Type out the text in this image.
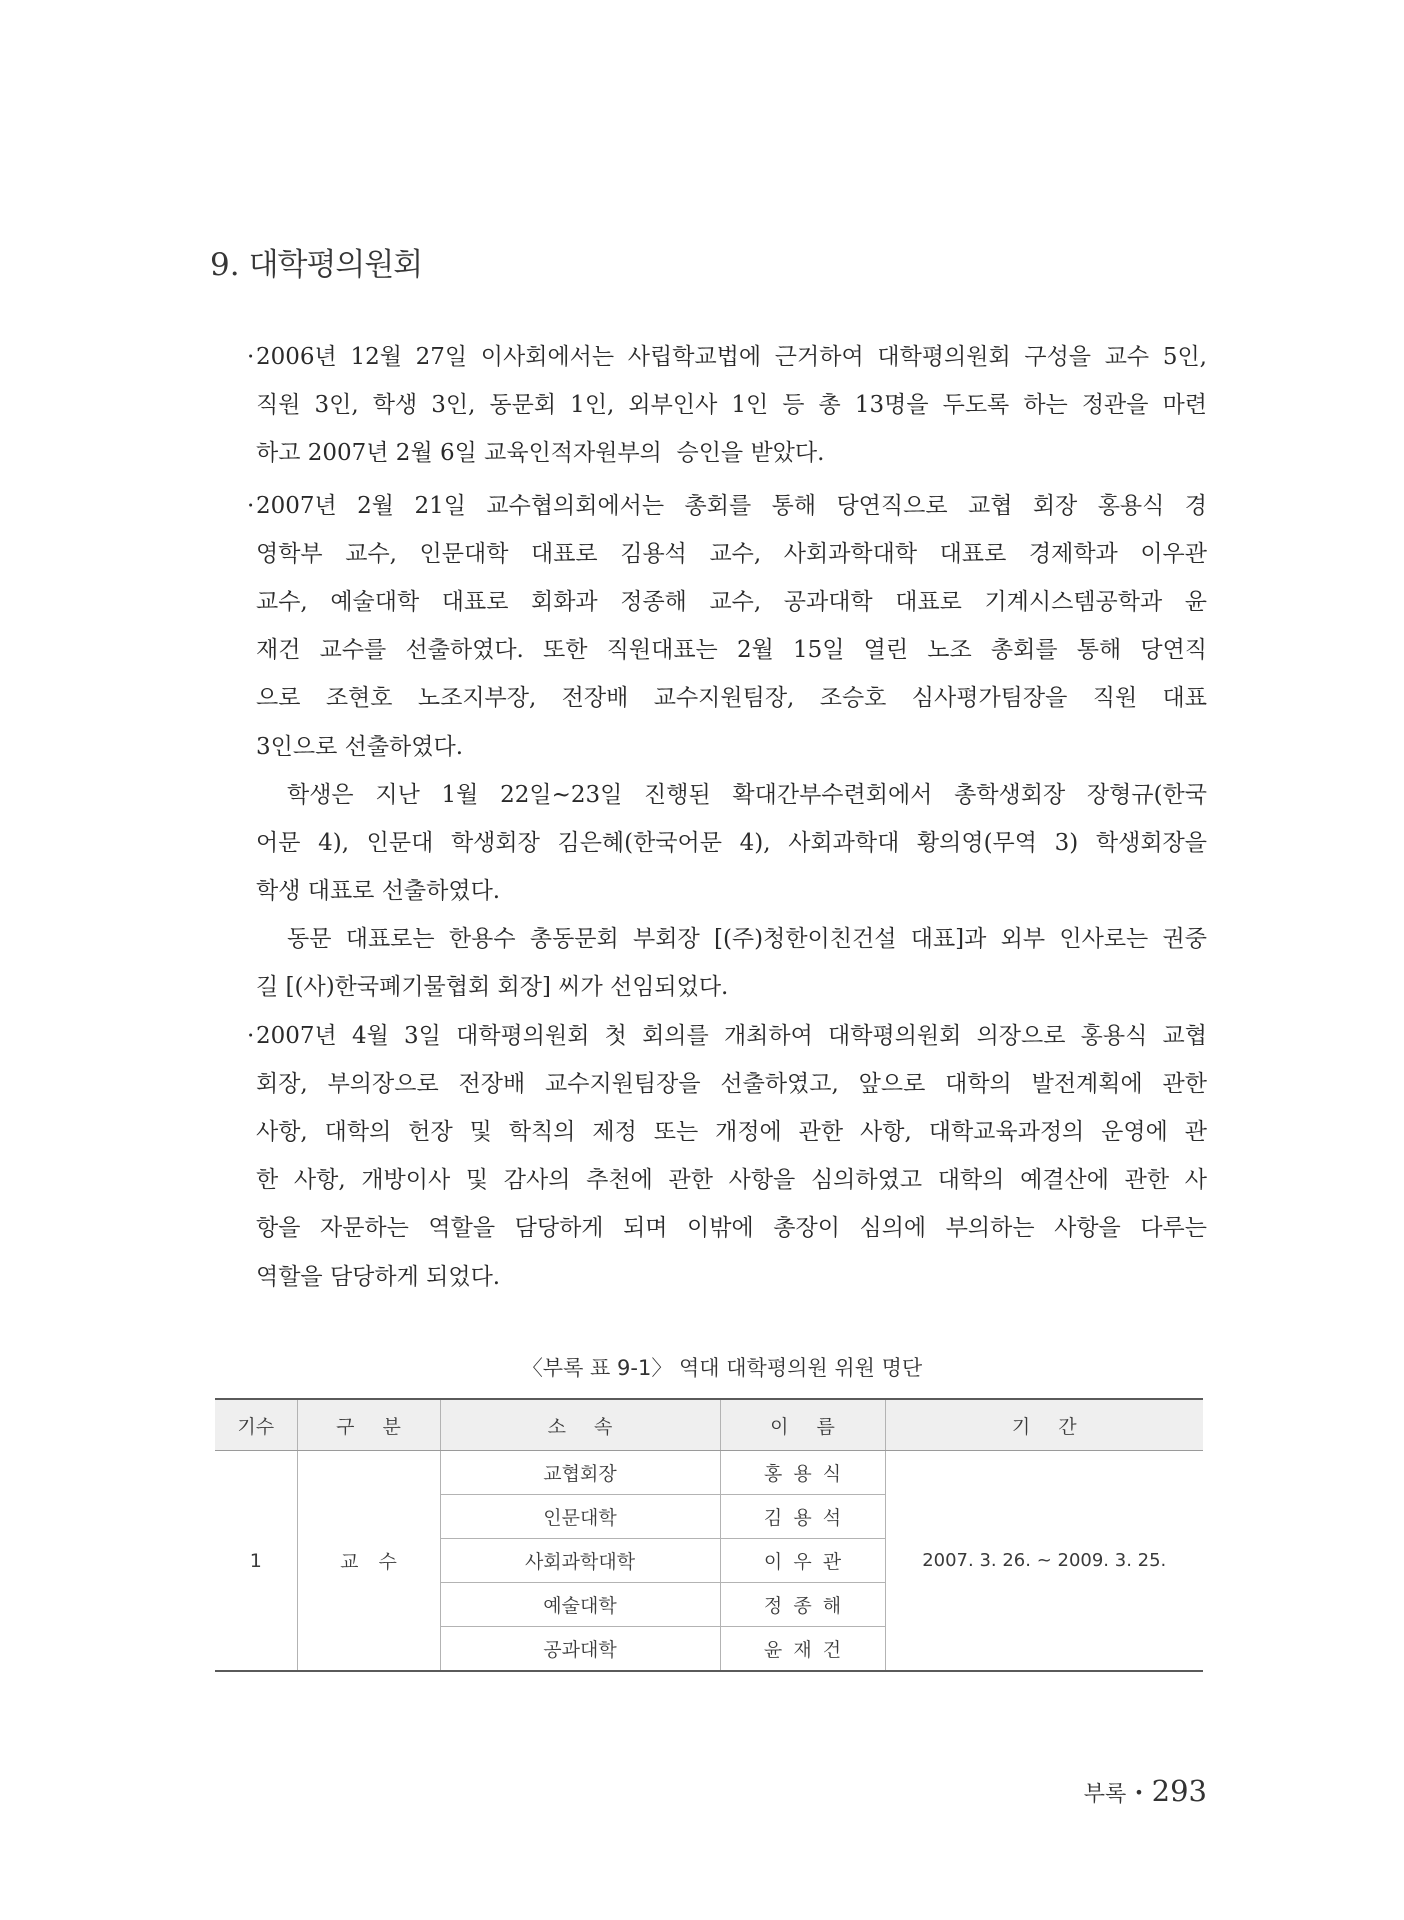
9. 대학평의원회
· 2006년 12월 27일 이사회에서는 사립학교법에 근거하여 대학평의원회 구성을 교수 5인,
직원 3인, 학생 3인, 동문회 1인, 외부인사 1인 등 총 13명을 두도록 하는 정관을 마련
하고 2007년 2월 6일 교육인적자원부의  승인을 받았다.
· 2007년 2월 21일 교수협의회에서는 총회를 통해 당연직으로 교협 회장 홍용식 경
영학부 교수, 인문대학 대표로 김용석 교수, 사회과학대학 대표로 경제학과 이우관
교수, 예술대학 대표로 회화과 정종해 교수, 공과대학 대표로 기계시스템공학과 윤
재건 교수를 선출하였다. 또한 직원대표는 2월 15일 열린 노조 총회를 통해 당연직
으로 조현호 노조지부장, 전장배 교수지원팀장, 조승호 심사평가팀장을 직원 대표
3인으로 선출하였다.
학생은 지난 1월 22일~23일 진행된 확대간부수련회에서 총학생회장 장형규(한국
어문 4), 인문대 학생회장 김은혜(한국어문 4), 사회과학대 황의영(무역 3) 학생회장을
학생 대표로 선출하였다.
동문 대표로는 한용수 총동문회 부회장 [(주)청한이친건설 대표]과 외부 인사로는 권중
길 [(사)한국폐기물협회 회장] 씨가 선임되었다.
· 2007년 4월 3일 대학평의원회 첫 회의를 개최하여 대학평의원회 의장으로 홍용식 교협
회장, 부의장으로 전장배 교수지원팀장을 선출하였고, 앞으로 대학의 발전계획에 관한
사항, 대학의 헌장 및 학칙의 제정 또는 개정에 관한 사항, 대학교육과정의 운영에 관
한 사항, 개방이사 및 감사의 추천에 관한 사항을 심의하였고 대학의 예결산에 관한 사
항을 자문하는 역할을 담당하게 되며 이밖에 총장이 심의에 부의하는 사항을 다루는
역할을 담당하게 되었다.
〈부록 표 9-1〉 역대 대학평의원 위원 명단
기수	구 분	소 속	이 름	기 간
1	교 수	교협회장	홍 용 식	2007. 3. 26. ~ 2009. 3. 25.
		인문대학	김 용 석	
		사회과학대학	이 우 관	
		예술대학	정 종 해	
		공과대학	윤 재 건	
부록 • 293
